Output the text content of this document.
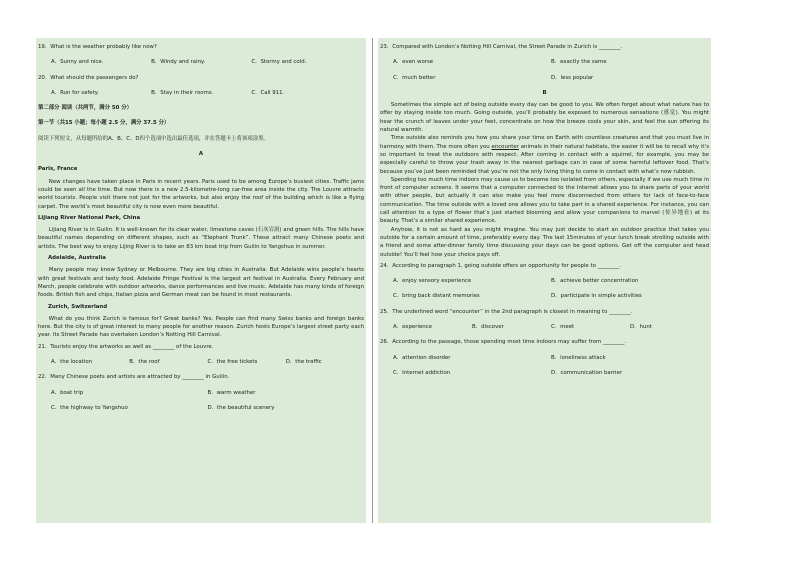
19．What is the weather probably like now?

A．Sunny and nice.	B．Windy and rainy.	C．Stormy and cold.

20．What should the passengers do?

A．Run for safety.	B．Stay in their rooms.	C．Call 911.

第二部分 阅读（共两节，满分 50 分）

第一节（共15 小题；每小题 2.5 分，满分 37.5 分）

阅读下列短文，从每题所给的A、B、C、D四个选项中选出最佳选项，并在答题卡上将该项涂黑。

A

Paris, France

New changes have taken place in Paris in recent years. Paris used to be among Europe’s busiest cities. Traffic jams could be seen all the time. But now there is a new 2.5-kilometre-long car-free area inside the city. The Louvre attracts world tourists. People visit there not just for the artworks, but also enjoy the roof of the building which is like a flying carpet. The world’s most beautiful city is now even more beautiful.

Lijiang River National Park, China

Lijiang River is in Guilin. It is well-known for its clear water, limestone caves (石灰岩洞) and green hills. The hills have beautiful names depending on different shapes, such as “Elephant Trunk”. These attract many Chinese poets and artists. The best way to enjoy Lijing River is to take an 83 km boat trip from Guilin to Yangshuo in summer.

Adelaide, Australia

Many people may know Sydney or Melbourne. They are big cities in Australia. But Adelaide wins people’s hearts with great festivals and tasty food. Adelaide Fringe Festival is the largest art festival in Australia. Every February and March, people celebrate with outdoor artworks, dance performances and live music. Adelaide has many kinds of foreign foods. British fish and chips, Italian pizza and German meat can be found in most restaurants.

Zurich, Switzerland

What do you think Zurich is famous for? Great banks? Yes. People can find many Swiss banks and foreign banks here. But the city is of great interest to many people for another reason. Zurich hosts Europe’s largest street party each year. Its Street Parade has overtaken London’s Notting Hill Carnival.

21．Tourists enjoy the artworks as well as ________ of the Louvre.

A．the location	B．the roof	C．the free tickets	D．the traffic

22．Many Chinese poets and artists are attracted by ________ in Guilin.

A．boat trip	B．warm weather
C．the highway to Yangshuo	D．the beautiful scenery

23．Compared with London’s Notting Hill Carnival, the Street Parade in Zurich is ________.

A．even worse	B．exactly the same
C．much better	D．less popular

B

Sometimes the simple act of being outside every day can be good to you. We often forget about what nature has to offer by staying inside too much. Going outside, you’ll probably be exposed to numerous sensations (感觉). You might hear the crunch of leaves under your feet, concentrate on how the breeze cools your skin, and feel the sun offering its natural warmth.

Time outside also reminds you how you share your time on Earth with countless creatures and that you must live in harmony with them. The more often you encounter animals in their natural habitats, the easier it will be to recall why it’s so important to treat the outdoors with respect. After coming in contact with a squirrel, for example, you may be especially careful to throw your trash away in the nearest garbage can in case of some harmful leftover food. That’s because you’ve just been reminded that you’re not the only living thing to come in contact with what’s now rubbish.

Spending too much time indoors may cause us to become too isolated from others, especially if we use much time in front of computer screens. It seems that a computer connected to the Internet allows you to share parts of your world with other people, but actually it can also make you feel more disconnected from others for lack of face-to-face communication. The time outside with a loved one allows you to take part in a shared experience. For instance, you can call attention to a type of flower that’s just started blooming and allow your companions to marvel (惊异地看) at its beauty. That’s a similar shared experience.

Anyhow, it is not as hard as you might imagine. You may just decide to start an outdoor practice that takes you outside for a certain amount of time, preferably every day. The last 15minutes of your lunch break strolling outside with a friend and some after-dinner family time discussing your days can be good options. Get off the computer and head outside! You’ll feel how your choice pays off.

24．According to paragraph 1, going outside offers an opportunity for people to ________.

A．enjoy sensory experience	B．achieve better concentration
C．bring back distant memories	D．participate in simple activities

25．The underlined word “encounter” in the 2nd paragraph is closest in meaning to ________.

A．experience	B．discover	C．meet	D．hunt

26．According to the passage, those spending most time indoors may suffer from ________.

A．attention disorder	B．loneliness attack
C．Internet addiction	D．communication barrier
